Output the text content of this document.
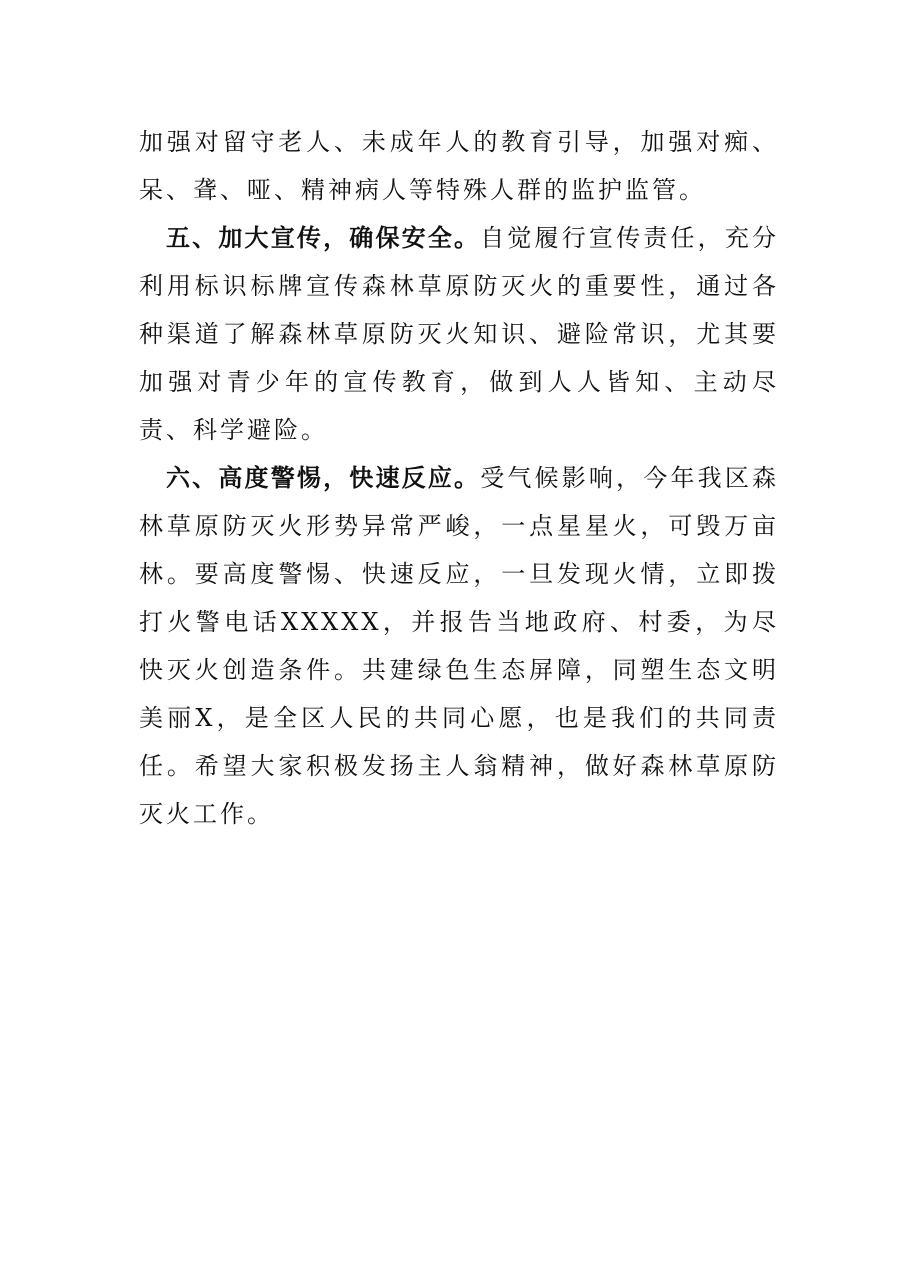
加强对留守老人、未成年人的教育引导，加强对痴、呆、聋、哑、精神病人等特殊人群的监护监管。

五、加大宣传，确保安全。自觉履行宣传责任，充分利用标识标牌宣传森林草原防灭火的重要性，通过各种渠道了解森林草原防灭火知识、避险常识，尤其要加强对青少年的宣传教育，做到人人皆知、主动尽责、科学避险。

六、高度警惕，快速反应。受气候影响，今年我区森林草原防灭火形势异常严峻，一点星星火，可毁万亩林。要高度警惕、快速反应，一旦发现火情，立即拨打火警电话XXXXX，并报告当地政府、村委，为尽快灭火创造条件。共建绿色生态屏障，同塑生态文明美丽X，是全区人民的共同心愿，也是我们的共同责任。希望大家积极发扬主人翁精神，做好森林草原防灭火工作。
